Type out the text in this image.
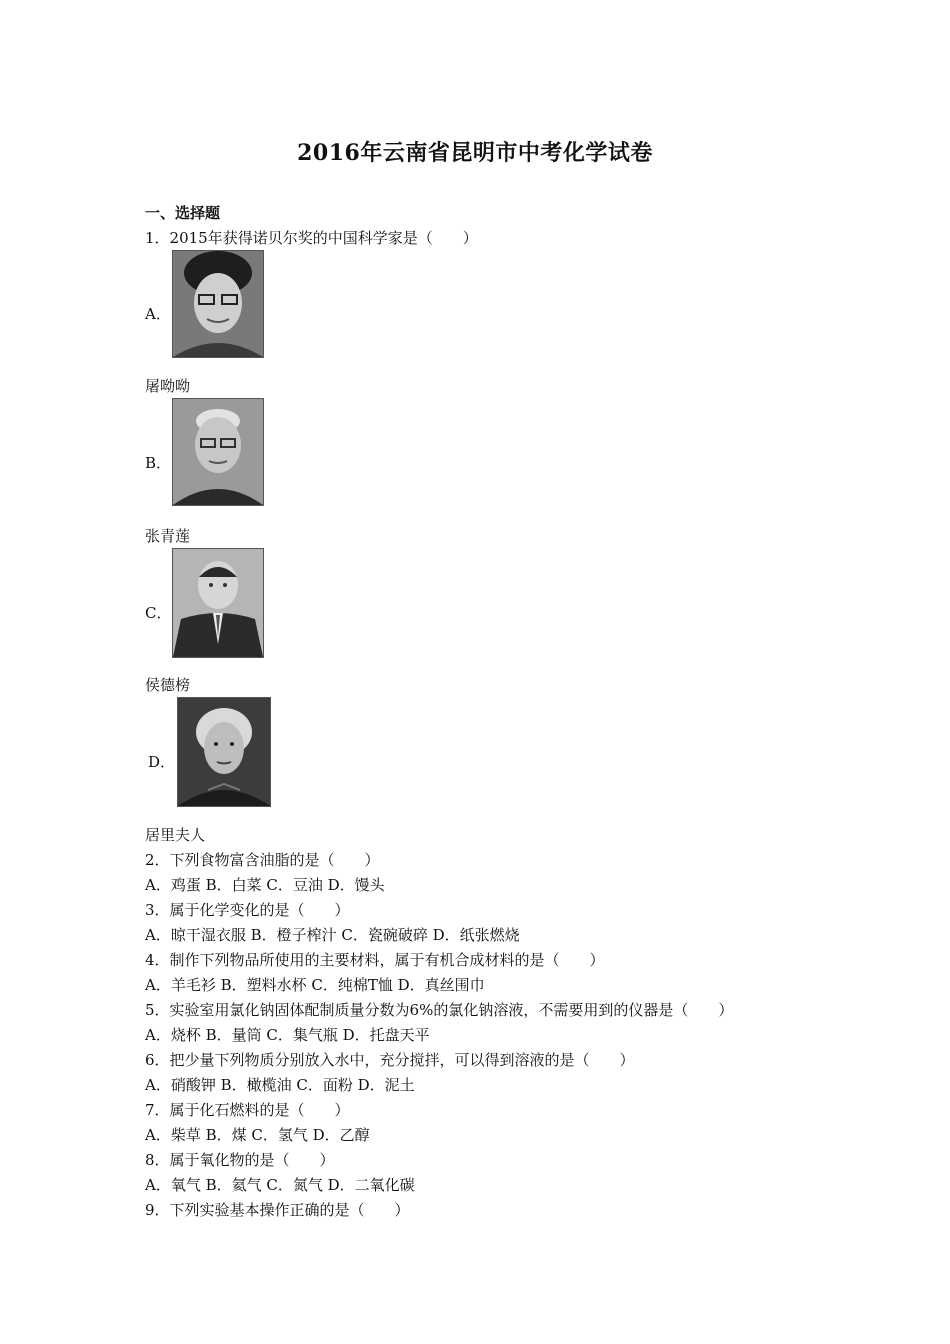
2016年云南省昆明市中考化学试卷
一、选择题
1．2015年获得诺贝尔奖的中国科学家是（　　）
A．
屠呦呦
B．
张青莲
C．
侯德榜
D．
居里夫人
2．下列食物富含油脂的是（　　）
A．鸡蛋 B．白菜 C．豆油 D．馒头
3．属于化学变化的是（　　）
A．晾干湿衣服 B．橙子榨汁 C．瓷碗破碎 D．纸张燃烧
4．制作下列物品所使用的主要材料，属于有机合成材料的是（　　）
A．羊毛衫 B．塑料水杯 C．纯棉T恤 D．真丝围巾
5．实验室用氯化钠固体配制质量分数为6%的氯化钠溶液，不需要用到的仪器是（　　）
A．烧杯 B．量筒 C．集气瓶 D．托盘天平
6．把少量下列物质分别放入水中，充分搅拌，可以得到溶液的是（　　）
A．硝酸钾 B．橄榄油 C．面粉 D．泥土
7．属于化石燃料的是（　　）
A．柴草 B．煤 C．氢气 D．乙醇
8．属于氧化物的是（　　）
A．氧气 B．氦气 C．氮气 D．二氧化碳
9．下列实验基本操作正确的是（　　）
